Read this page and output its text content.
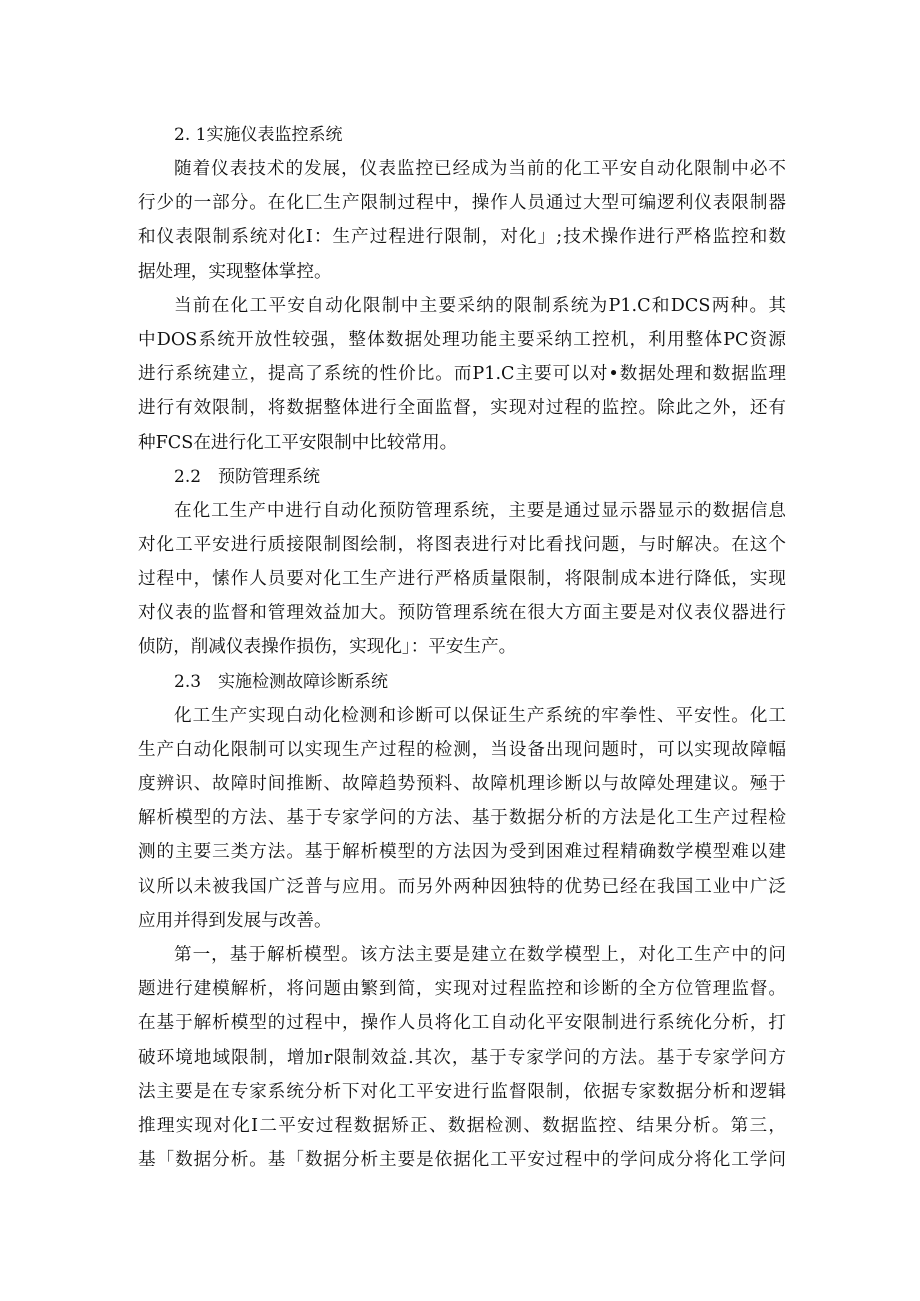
2. 1实施仪表监控系统

随着仪表技术的发展，仪表监控已经成为当前的化工平安自动化限制中必不
行少的一部分。在化匚生产限制过程中，操作人员通过大型可编逻利仪表限制器
和仪表限制系统对化I：生产过程进行限制，对化」;技术操作进行严格监控和数
据处理，实现整体掌控。

当前在化工平安自动化限制中主要采纳的限制系统为P1.C和DCS两种。其
中DOS系统开放性较强，整体数据处理功能主要采纳工控机，利用整体PC资源
进行系统建立，提高了系统的性价比。而P1.C主要可以对•数据处理和数据监理
进行有效限制，将数据整体进行全面监督，实现对过程的监控。除此之外，还有
种FCS在进行化工平安限制中比较常用。

2.2　预防管理系统

在化工生产中进行自动化预防管理系统，主要是通过显示器显示的数据信息
对化工平安进行质接限制图绘制，将图表进行对比看找问题，与时解决。在这个
过程中，愫作人员要对化工生产进行严格质量限制，将限制成本进行降低，实现
对仪表的监督和管理效益加大。预防管理系统在很大方面主要是对仪表仪器进行
侦防，削减仪表操作损伤，实现化」：平安生产。

2.3　实施检测故障诊断系统

化工生产实现白动化检测和诊断可以保证生产系统的牢拳性、平安性。化工
生产白动化限制可以实现生产过程的检测，当设备出现问题时，可以实现故障幅
度辨识、故障时间推断、故障趋势预料、故障机理诊断以与故障处理建议。殛于
解析模型的方法、基于专家学问的方法、基于数据分析的方法是化工生产过程检
测的主要三类方法。基于解析模型的方法因为受到困难过程精确数学模型难以建
议所以未被我国广泛普与应用。而另外两种因独特的优势已经在我国工业中广泛
应用并得到发展与改善。

第一，基于解析模型。该方法主要是建立在数学模型上，对化工生产中的问
题进行建模解析，将问题由繁到简，实现对过程监控和诊断的全方位管理监督。
在基于解析模型的过程中，操作人员将化工自动化平安限制进行系统化分析，打
破环境地域限制，增加r限制效益.其次，基于专家学问的方法。基于专家学问方
法主要是在专家系统分析下对化工平安进行监督限制，依据专家数据分析和逻辑
推理实现对化I二平安过程数据矫正、数据检测、数据监控、结果分析。第三，
基「数据分析。基「数据分析主要是依据化工平安过程中的学问成分将化工学问
